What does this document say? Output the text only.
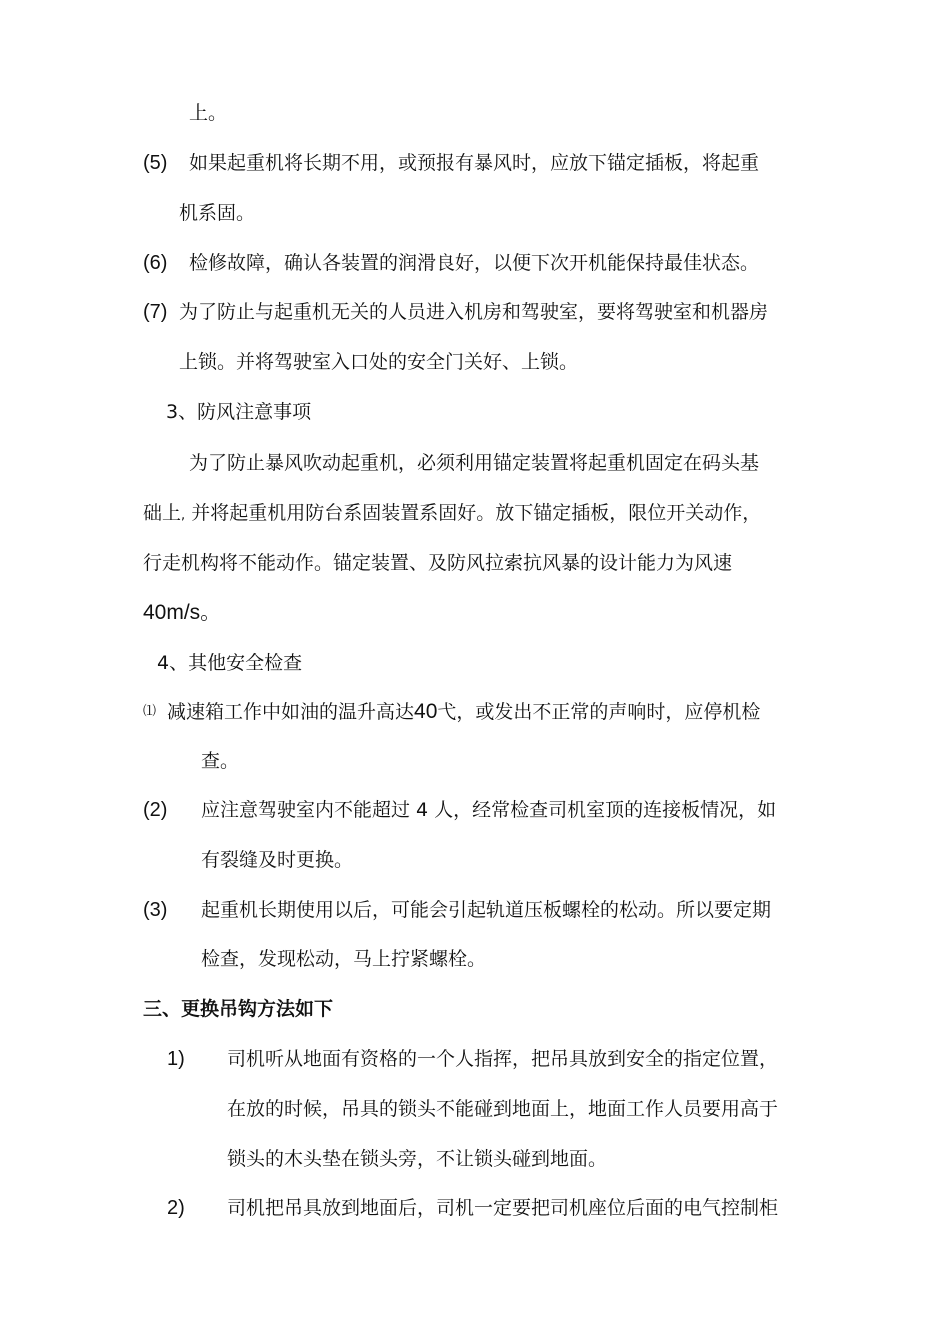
上。
(5) 如果起重机将长期不用，或预报有暴风时，应放下锚定插板，将起重
机系固。
(6) 检修故障，确认各装置的润滑良好，以便下次开机能保持最佳状态。
(7) 为了防止与起重机无关的人员进入机房和驾驶室，要将驾驶室和机器房
上锁。并将驾驶室入口处的安全门关好、上锁。
3、防风注意事项
为了防止暴风吹动起重机，必须利用锚定装置将起重机固定在码头基
础上, 并将起重机用防台系固装置系固好。放下锚定插板，限位开关动作，
行走机构将不能动作。锚定装置、及防风拉索抗风暴的设计能力为风速
40m/s。
4、其他安全检查
⑴ 减速箱工作中如油的温升高达40弋，或发出不正常的声响时，应停机检
查。
(2) 应注意驾驶室内不能超过 4 人，经常检查司机室顶的连接板情况，如
有裂缝及时更换。
(3) 起重机长期使用以后，可能会引起轨道压板螺栓的松动。所以要定期
检查，发现松动，马上拧紧螺栓。
三、更换吊钩方法如下
1) 司机听从地面有资格的一个人指挥，把吊具放到安全的指定位置，
在放的时候，吊具的锁头不能碰到地面上，地面工作人员要用高于
锁头的木头垫在锁头旁，不让锁头碰到地面。
2) 司机把吊具放到地面后，司机一定要把司机座位后面的电气控制柜
